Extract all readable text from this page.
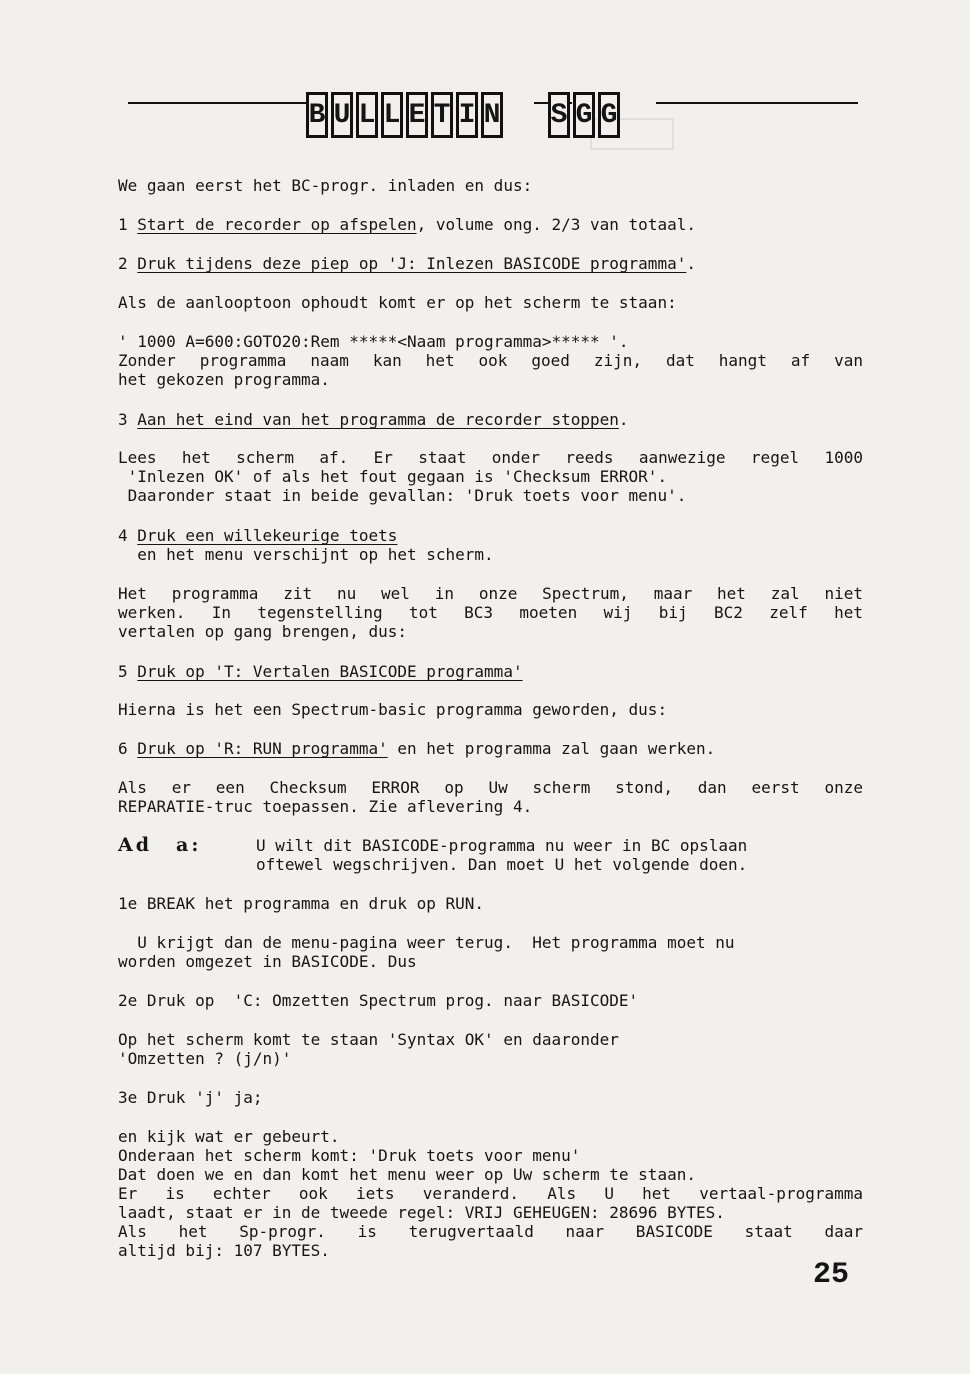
B U L L E T I N S G G
We gaan eerst het BC-progr. inladen en dus:
1 Start de recorder op afspelen, volume ong. 2/3 van totaal.
2 Druk tijdens deze piep op 'J: Inlezen BASICODE programma'.
Als de aanlooptoon ophoudt komt er op het scherm te staan:
' 1000 A=600:GOTO20:Rem *****<Naam programma>***** '.
Zonder programma naam kan het ook goed zijn, dat hangt af van
het gekozen programma.
3 Aan het eind van het programma de recorder stoppen.
Lees het scherm af. Er staat onder reeds aanwezige regel 1000
'Inlezen OK' of als het fout gegaan is 'Checksum ERROR'.
Daaronder staat in beide gevallan: 'Druk toets voor menu'.
4 Druk een willekeurige toets
en het menu verschijnt op het scherm.
Het programma zit nu wel in onze Spectrum, maar het zal niet
werken. In tegenstelling tot BC3 moeten wij bij BC2 zelf het
vertalen op gang brengen, dus:
5 Druk op 'T: Vertalen BASICODE programma'
Hierna is het een Spectrum-basic programma geworden, dus:
6 Druk op 'R: RUN programma' en het programma zal gaan werken.
Als er een Checksum ERROR op Uw scherm stond, dan eerst onze
REPARATIE-truc toepassen. Zie aflevering 4.
Ad a:	U wilt dit BASICODE-programma nu weer in BC opslaan
oftewel wegschrijven. Dan moet U het volgende doen.
1e BREAK het programma en druk op RUN.
U krijgt dan de menu-pagina weer terug.  Het programma moet nu
worden omgezet in BASICODE. Dus
2e Druk op  'C: Omzetten Spectrum prog. naar BASICODE'
Op het scherm komt te staan 'Syntax OK' en daaronder
'Omzetten ? (j/n)'
3e Druk 'j' ja;
en kijk wat er gebeurt.
Onderaan het scherm komt: 'Druk toets voor menu'
Dat doen we en dan komt het menu weer op Uw scherm te staan.
Er is echter ook iets veranderd. Als U het vertaal-programma
laadt, staat er in de tweede regel: VRIJ GEHEUGEN: 28696 BYTES.
Als het Sp-progr. is terugvertaald naar BASICODE staat daar
altijd bij: 107 BYTES.
25
